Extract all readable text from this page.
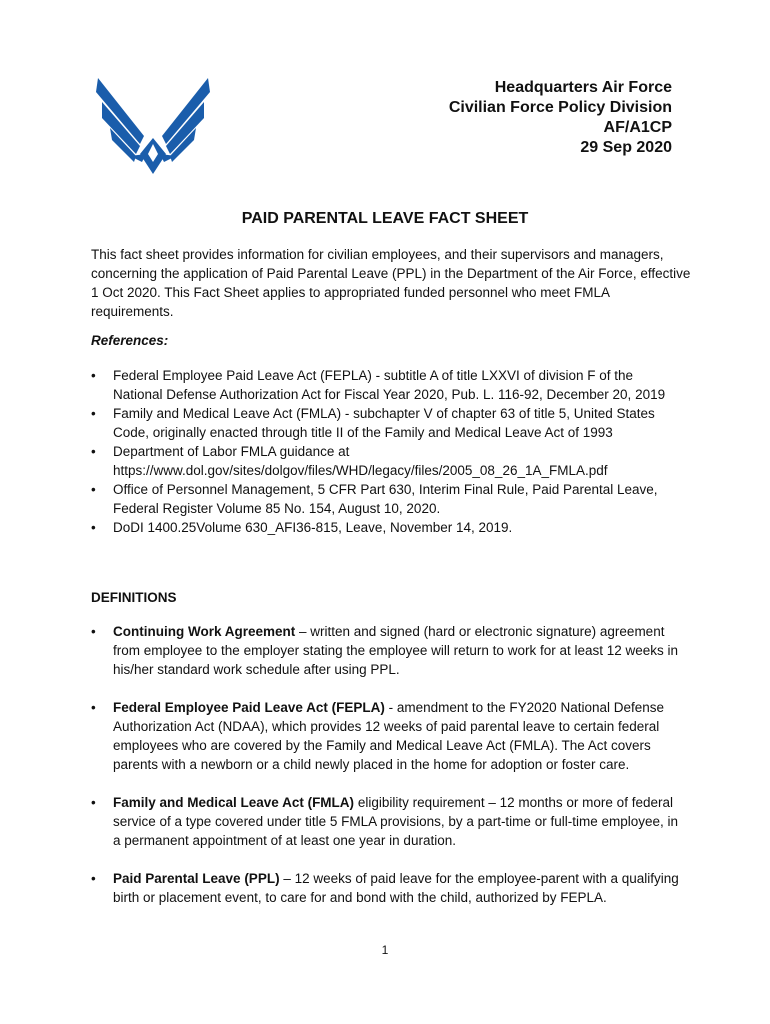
Headquarters Air Force
Civilian Force Policy Division
AF/A1CP
29 Sep 2020
PAID PARENTAL LEAVE FACT SHEET
This fact sheet provides information for civilian employees, and their supervisors and managers, concerning the application of Paid Parental Leave (PPL) in the Department of the Air Force, effective 1 Oct 2020. This Fact Sheet applies to appropriated funded personnel who meet FMLA requirements.
References:
• Federal Employee Paid Leave Act (FEPLA) - subtitle A of title LXXVI of division F of the National Defense Authorization Act for Fiscal Year 2020, Pub. L. 116-92, December 20, 2019
• Family and Medical Leave Act (FMLA) - subchapter V of chapter 63 of title 5, United States Code, originally enacted through title II of the Family and Medical Leave Act of 1993
• Department of Labor FMLA guidance at https://www.dol.gov/sites/dolgov/files/WHD/legacy/files/2005_08_26_1A_FMLA.pdf
• Office of Personnel Management, 5 CFR Part 630, Interim Final Rule, Paid Parental Leave, Federal Register Volume 85 No. 154, August 10, 2020.
• DoDI 1400.25Volume 630_AFI36-815, Leave, November 14, 2019.
DEFINITIONS
• Continuing Work Agreement – written and signed (hard or electronic signature) agreement from employee to the employer stating the employee will return to work for at least 12 weeks in his/her standard work schedule after using PPL.
• Federal Employee Paid Leave Act (FEPLA) - amendment to the FY2020 National Defense Authorization Act (NDAA), which provides 12 weeks of paid parental leave to certain federal employees who are covered by the Family and Medical Leave Act (FMLA). The Act covers parents with a newborn or a child newly placed in the home for adoption or foster care.
• Family and Medical Leave Act (FMLA) eligibility requirement – 12 months or more of federal service of a type covered under title 5 FMLA provisions, by a part-time or full-time employee, in a permanent appointment of at least one year in duration.
• Paid Parental Leave (PPL) – 12 weeks of paid leave for the employee-parent with a qualifying birth or placement event, to care for and bond with the child, authorized by FEPLA.
1
